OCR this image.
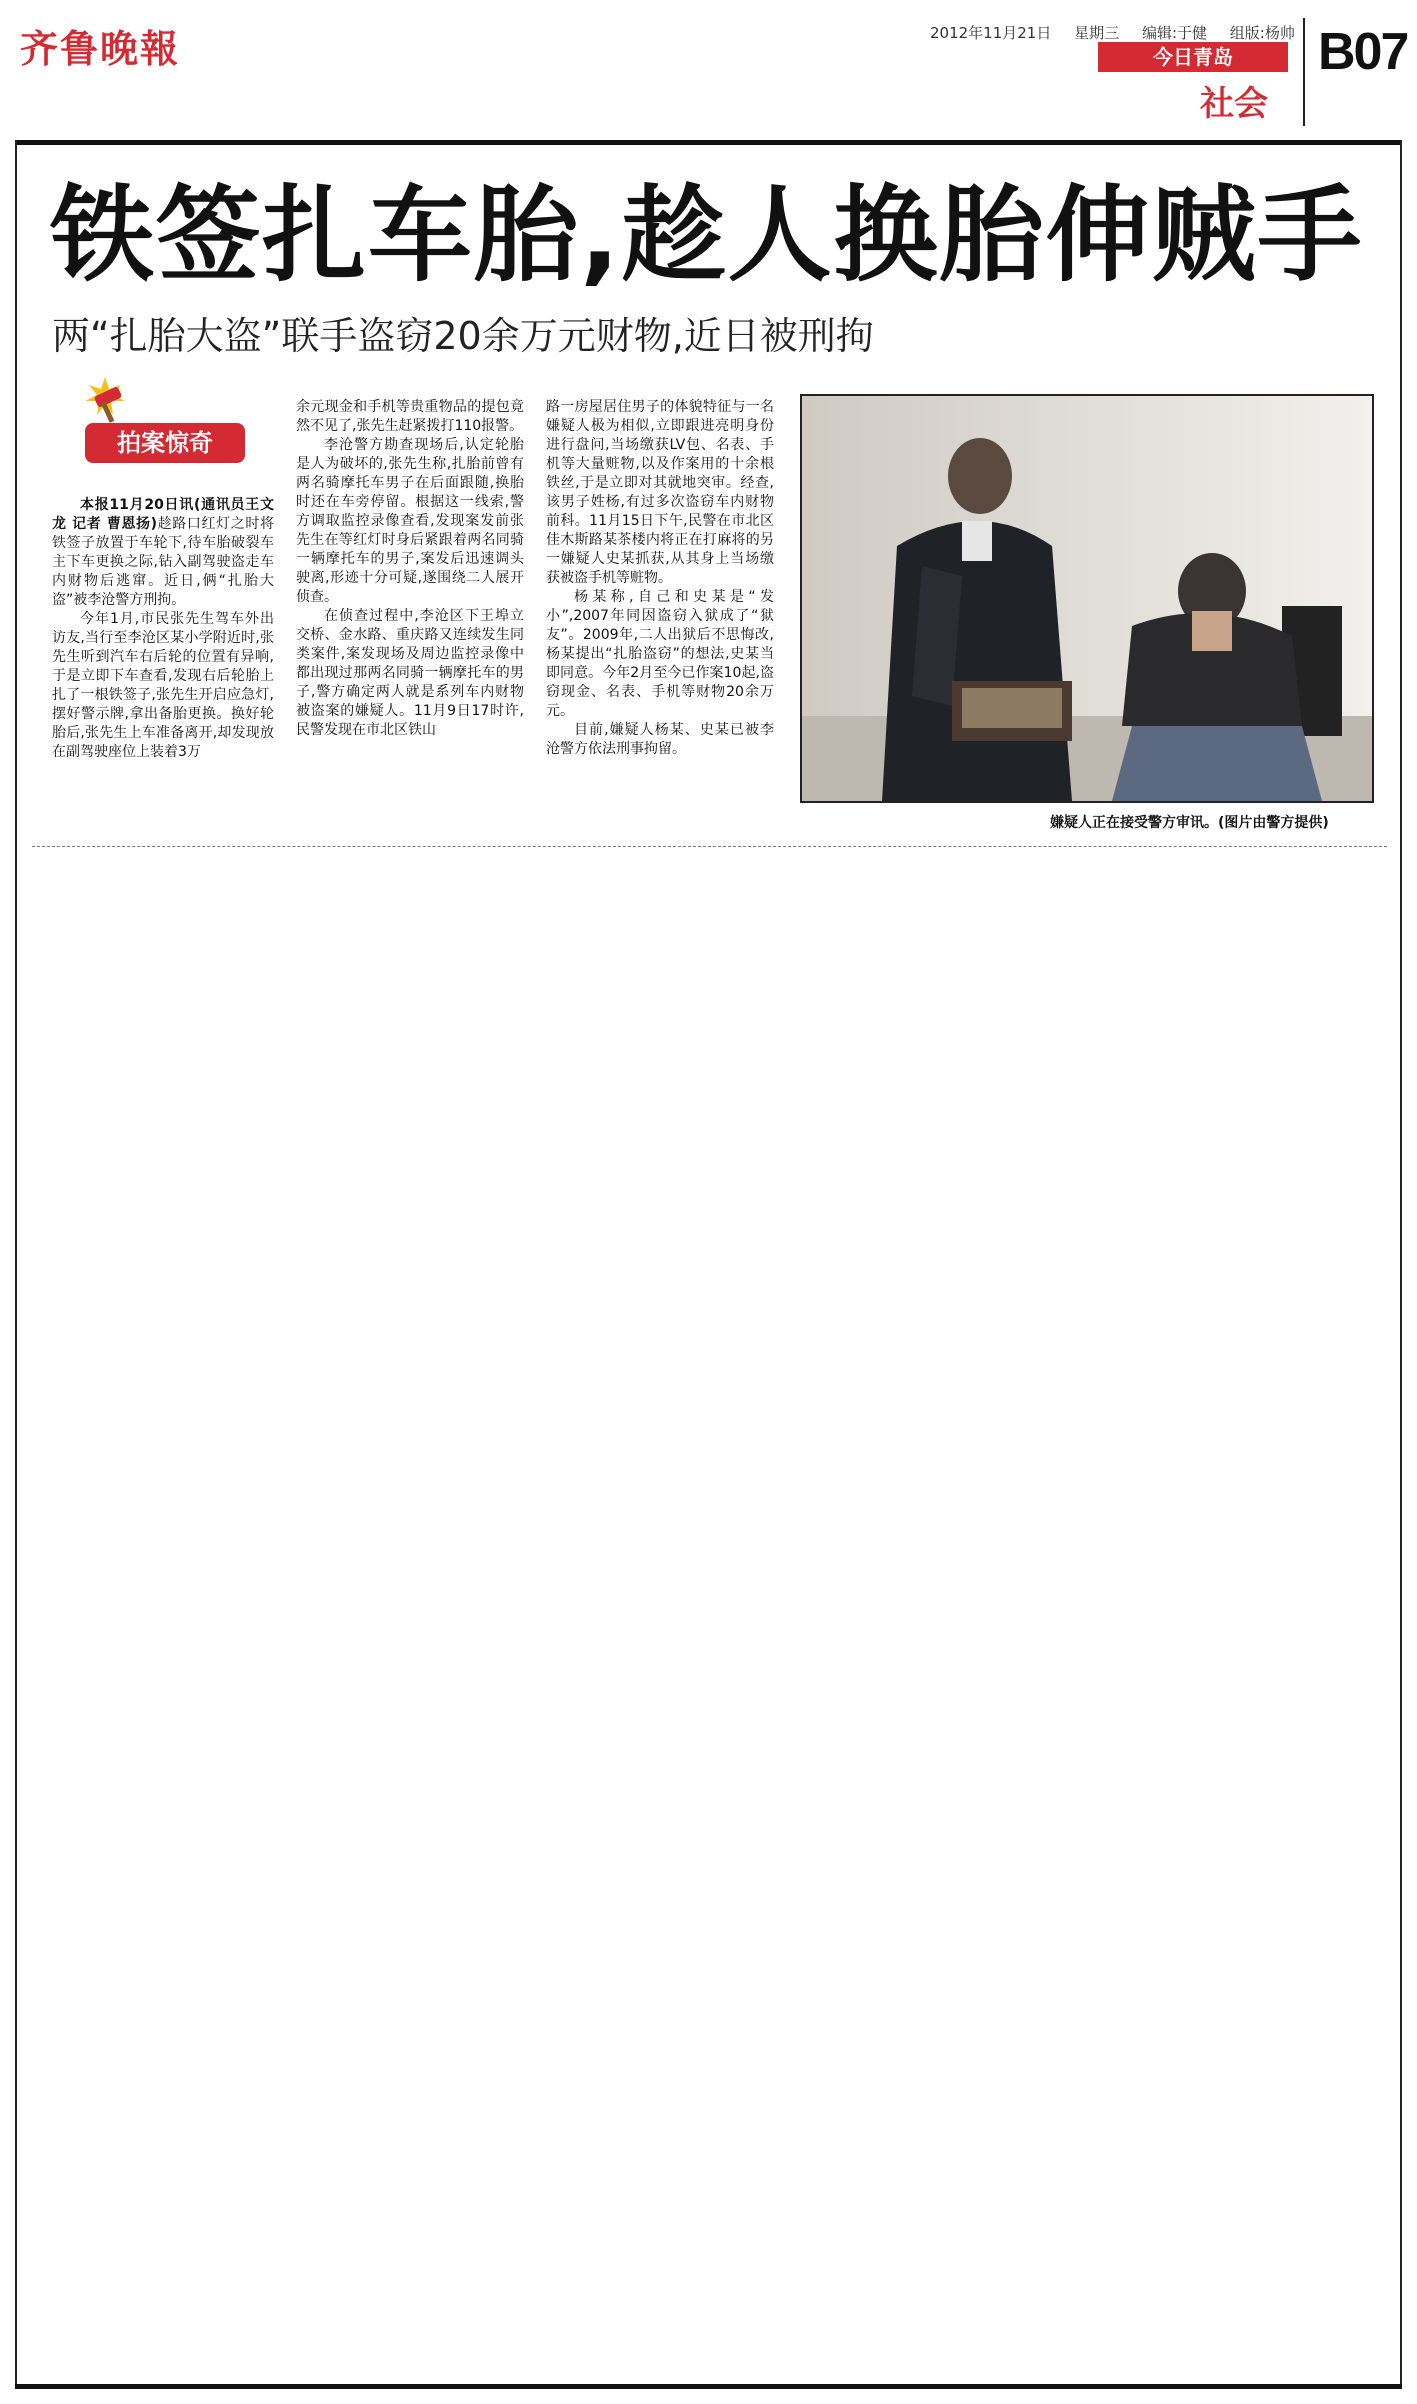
齐鲁晚報	2012年11月21日 星期三 编辑:于健 组版:杨帅
今日青岛
社会
B07
铁签扎车胎,趁人换胎伸贼手
两“扎胎大盗”联手盗窃20余万元财物,近日被刑拘
拍案惊奇

本报11月20日讯(通讯员王文龙 记者 曹恩扬)趁路口红灯之时将铁签子放置于车轮下,待车胎破裂车主下车更换之际,钻入副驾驶盗走车内财物后逃窜。近日,俩“扎胎大盗”被李沧警方刑拘。

今年1月,市民张先生驾车外出访友,当行至李沧区某小学附近时,张先生听到汽车右后轮的位置有异响,于是立即下车查看,发现右后轮胎上扎了一根铁签子,张先生开启应急灯,摆好警示牌,拿出备胎更换。换好轮胎后,张先生上车准备离开,却发现放在副驾驶座位上装着3万

余元现金和手机等贵重物品的提包竟然不见了,张先生赶紧拨打110报警。

李沧警方勘查现场后,认定轮胎是人为破坏的,张先生称,扎胎前曾有两名骑摩托车男子在后面跟随,换胎时还在车旁停留。根据这一线索,警方调取监控录像查看,发现案发前张先生在等红灯时身后紧跟着两名同骑一辆摩托车的男子,案发后迅速调头驶离,形迹十分可疑,遂围绕二人展开侦查。

在侦查过程中,李沧区下王埠立交桥、金水路、重庆路又连续发生同类案件,案发现场及周边监控录像中都出现过那两名同骑一辆摩托车的男子,警方确定两人就是系列车内财物被盗案的嫌疑人。11月9日17时许,民警发现在市北区铁山

路一房屋居住男子的体貌特征与一名嫌疑人极为相似,立即跟进亮明身份进行盘问,当场缴获LV包、名表、手机等大量赃物,以及作案用的十余根铁丝,于是立即对其就地突审。经查,该男子姓杨,有过多次盗窃车内财物前科。11月15日下午,民警在市北区佳木斯路某茶楼内将正在打麻将的另一嫌疑人史某抓获,从其身上当场缴获被盗手机等赃物。

杨某称,自己和史某是“发小”,2007年同因盗窃入狱成了“狱友”。2009年,二人出狱后不思悔改,杨某提出“扎胎盗窃”的想法,史某当即同意。今年2月至今已作案10起,盗窃现金、名表、手机等财物20余万元。

目前,嫌疑人杨某、史某已被李沧警方依法刑事拘留。

嫌疑人正在接受警方审讯。(图片由警方提供)
